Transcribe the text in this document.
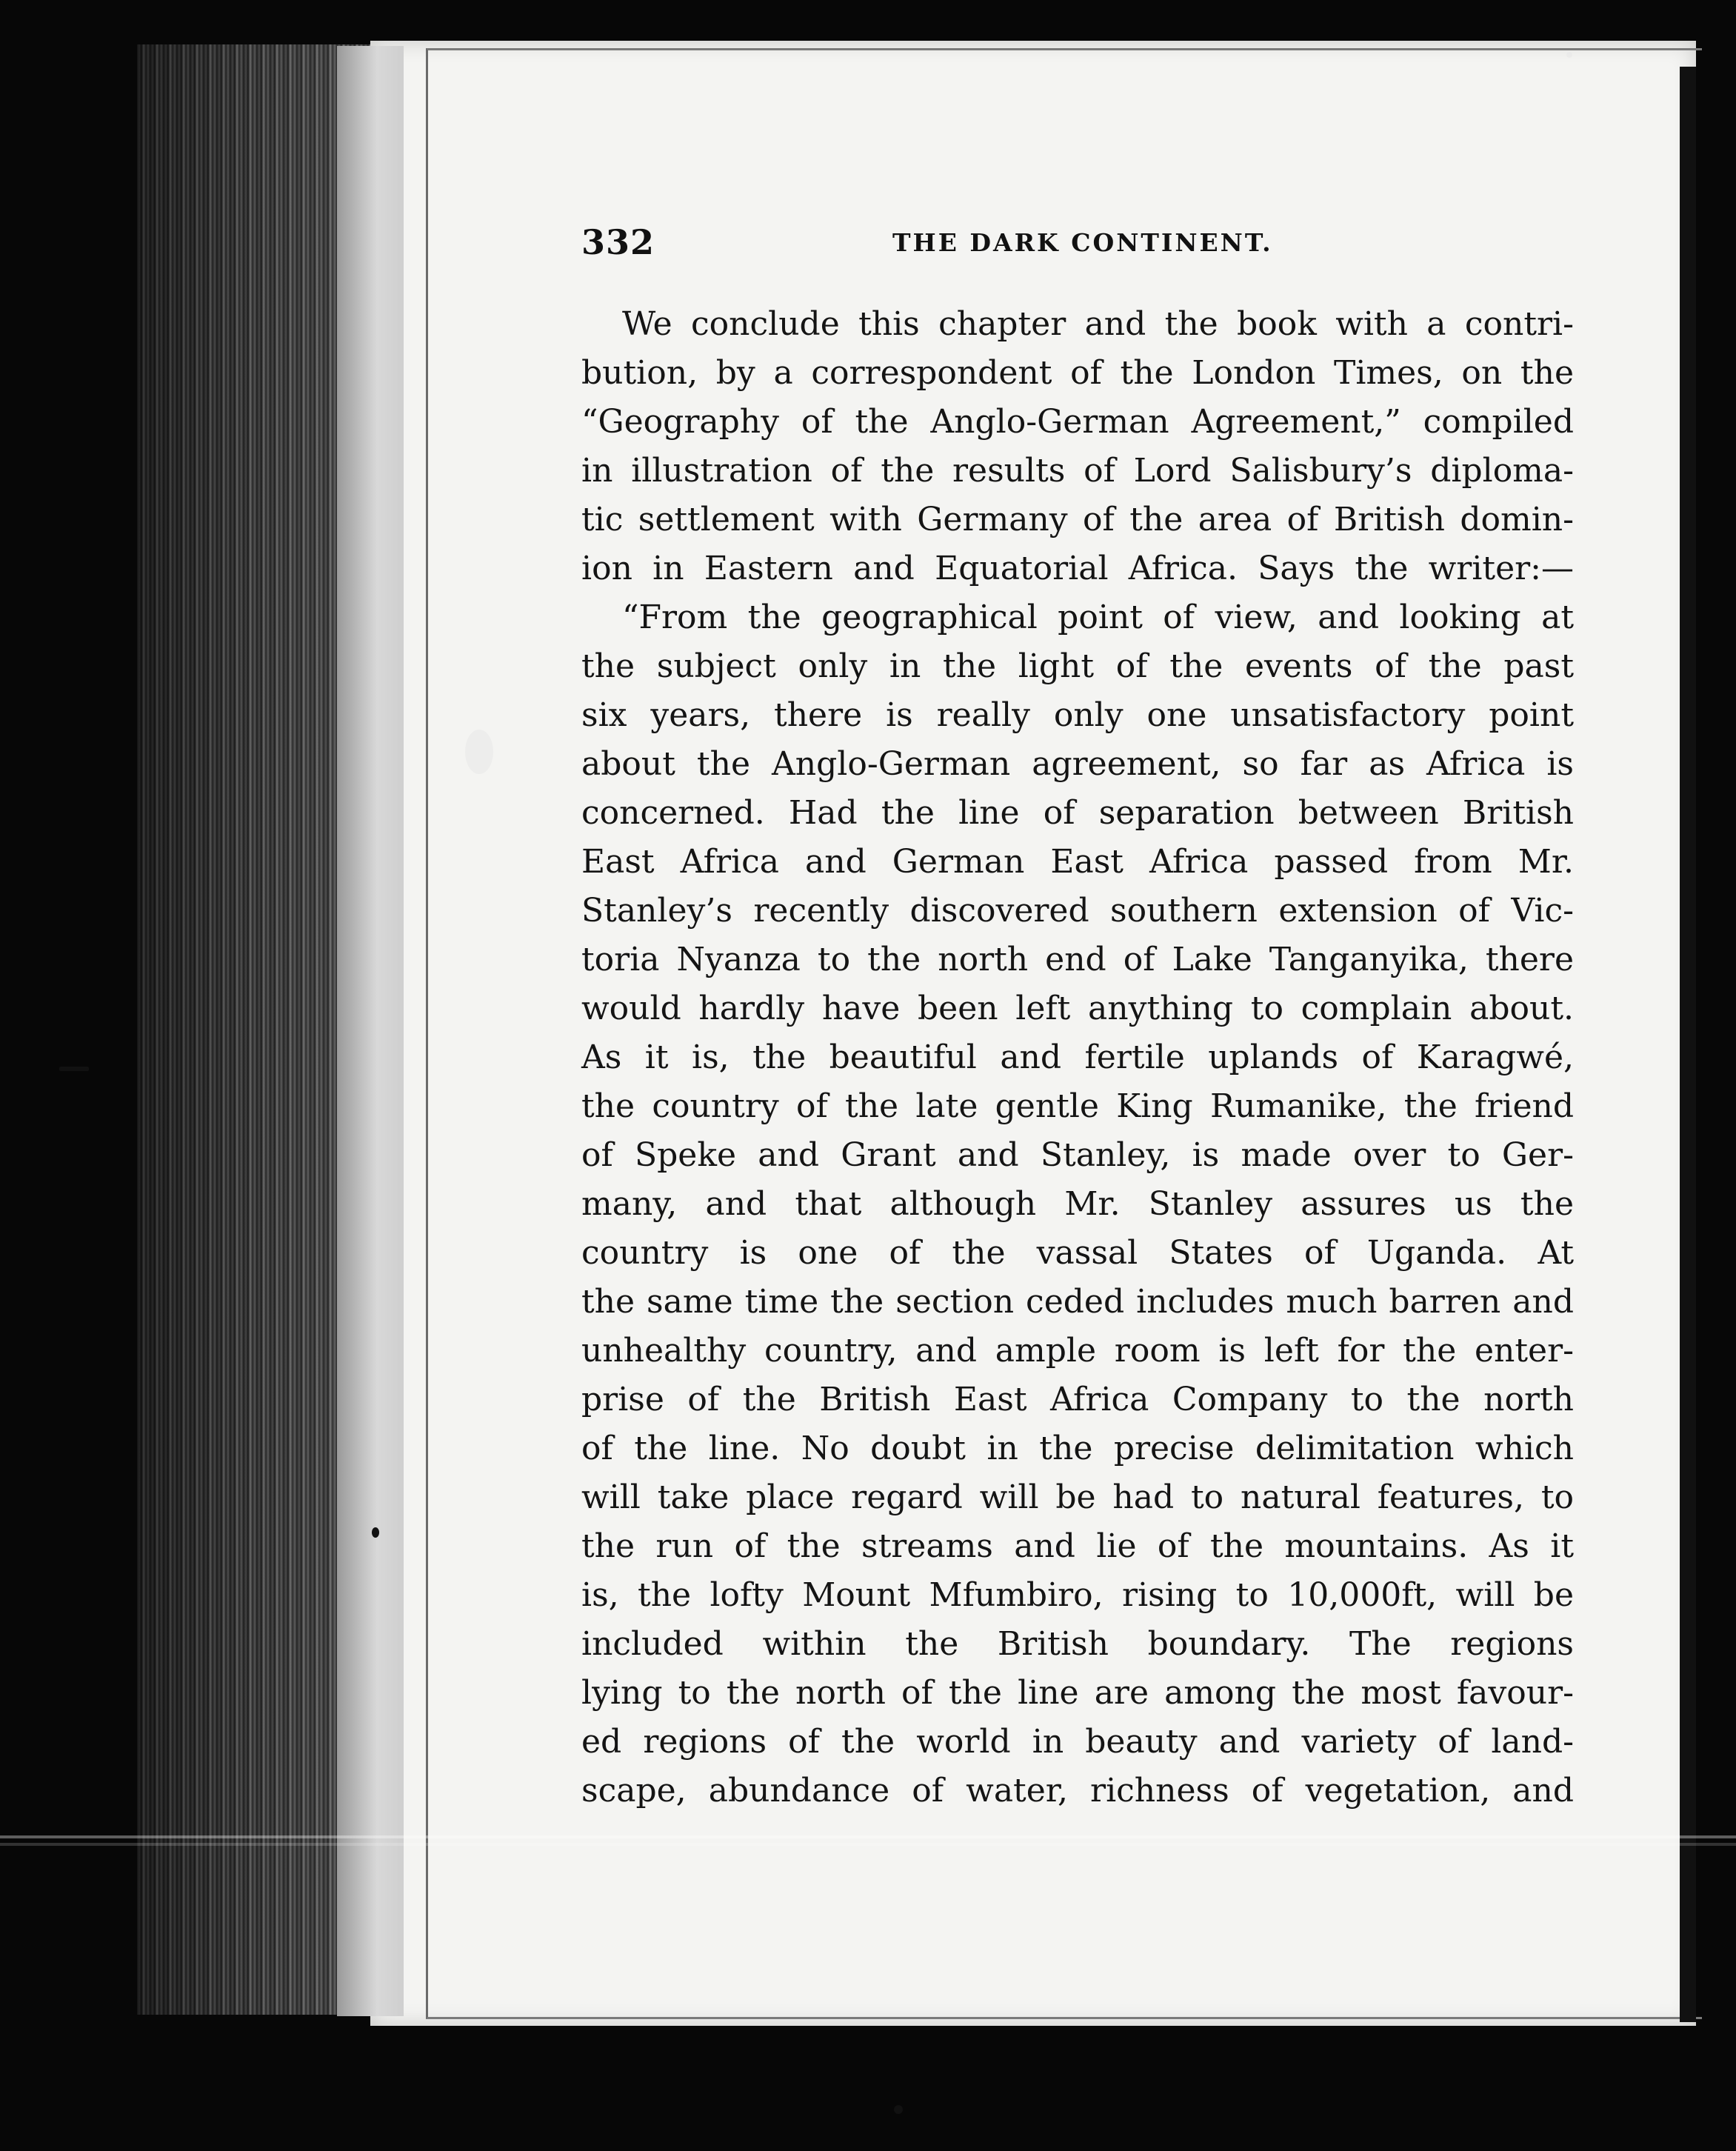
332	THE DARK CONTINENT.
We conclude this chapter and the book with a contri-
bution, by a correspondent of the London Times, on the
“Geography of the Anglo-German Agreement,” compiled
in illustration of the results of Lord Salisbury’s diploma-
tic settlement with Germany of the area of British domin-
ion in Eastern and Equatorial Africa. Says the writer:—
“From the geographical point of view, and looking at
the subject only in the light of the events of the past
six years, there is really only one unsatisfactory point
about the Anglo-German agreement, so far as Africa is
concerned. Had the line of separation between British
East Africa and German East Africa passed from Mr.
Stanley’s recently discovered southern extension of Vic-
toria Nyanza to the north end of Lake Tanganyika, there
would hardly have been left anything to complain about.
As it is, the beautiful and fertile uplands of Karagwé,
the country of the late gentle King Rumanike, the friend
of Speke and Grant and Stanley, is made over to Ger-
many, and that although Mr. Stanley assures us the
country is one of the vassal States of Uganda. At
the same time the section ceded includes much barren and
unhealthy country, and ample room is left for the enter-
prise of the British East Africa Company to the north
of the line. No doubt in the precise delimitation which
will take place regard will be had to natural features, to
the run of the streams and lie of the mountains. As it
is, the lofty Mount Mfumbiro, rising to 10,000ft, will be
included within the British boundary. The regions
lying to the north of the line are among the most favour-
ed regions of the world in beauty and variety of land-
scape, abundance of water, richness of vegetation, and
